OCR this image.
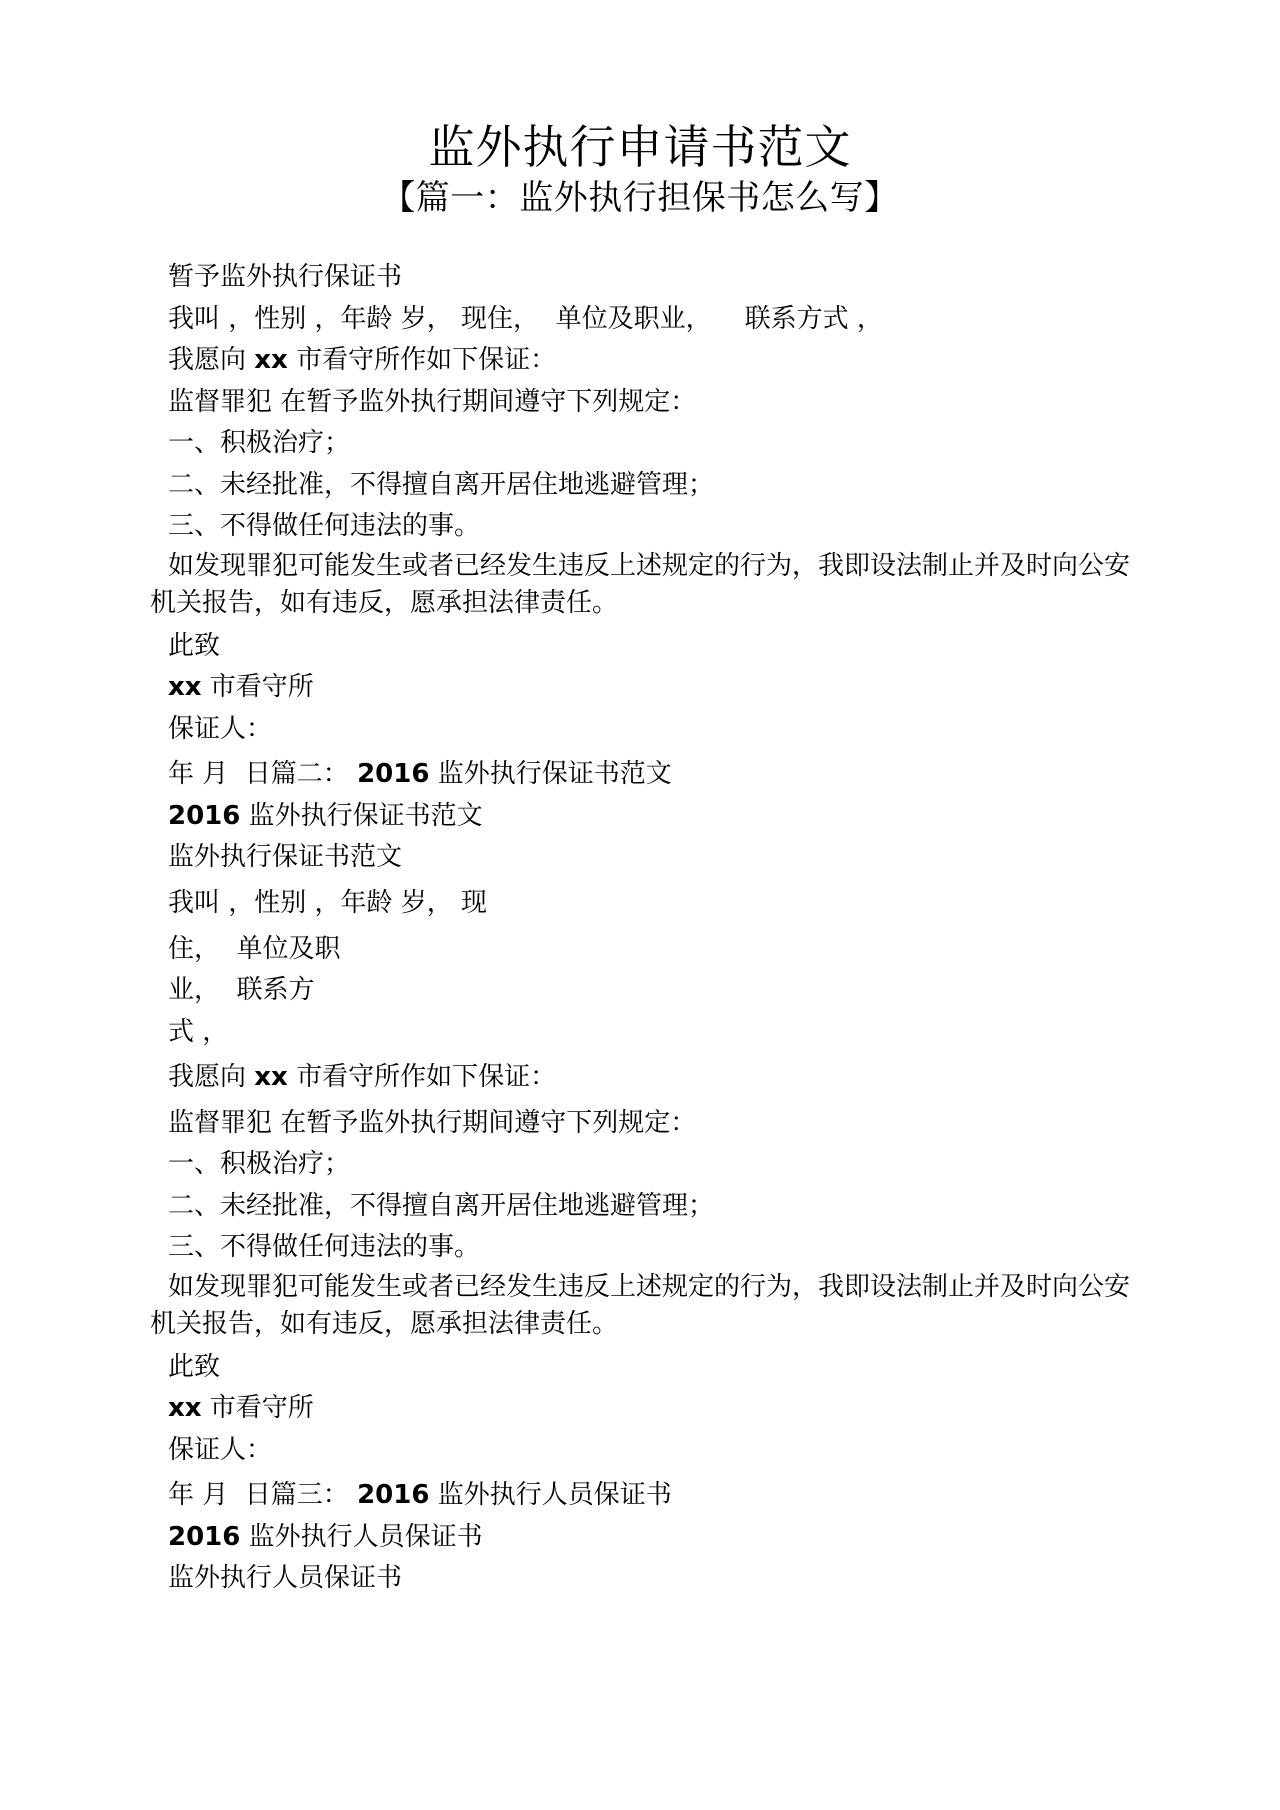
监外执行申请书范文
【篇一：监外执行担保书怎么写】

暂予监外执行保证书

我叫 ，性别 ，年龄 岁， 现住，  单位及职业，    联系方式 ，

我愿向 xx 市看守所作如下保证：

监督罪犯 在暂予监外执行期间遵守下列规定：

一、积极治疗；

二、未经批准，不得擅自离开居住地逃避管理；

三、不得做任何违法的事。

如发现罪犯可能发生或者已经发生违反上述规定的行为，我即设法制止并及时向公安机关报告，如有违反，愿承担法律责任。

此致

xx 市看守所

保证人：

年 月  日篇二： 2016 监外执行保证书范文

2016 监外执行保证书范文

监外执行保证书范文

我叫 ，性别 ，年龄 岁， 现

住，  单位及职

业，  联系方

式 ，

我愿向 xx 市看守所作如下保证：

监督罪犯 在暂予监外执行期间遵守下列规定：

一、积极治疗；

二、未经批准，不得擅自离开居住地逃避管理；

三、不得做任何违法的事。

如发现罪犯可能发生或者已经发生违反上述规定的行为，我即设法制止并及时向公安机关报告，如有违反，愿承担法律责任。

此致

xx 市看守所

保证人：

年 月  日篇三： 2016 监外执行人员保证书

2016 监外执行人员保证书

监外执行人员保证书
